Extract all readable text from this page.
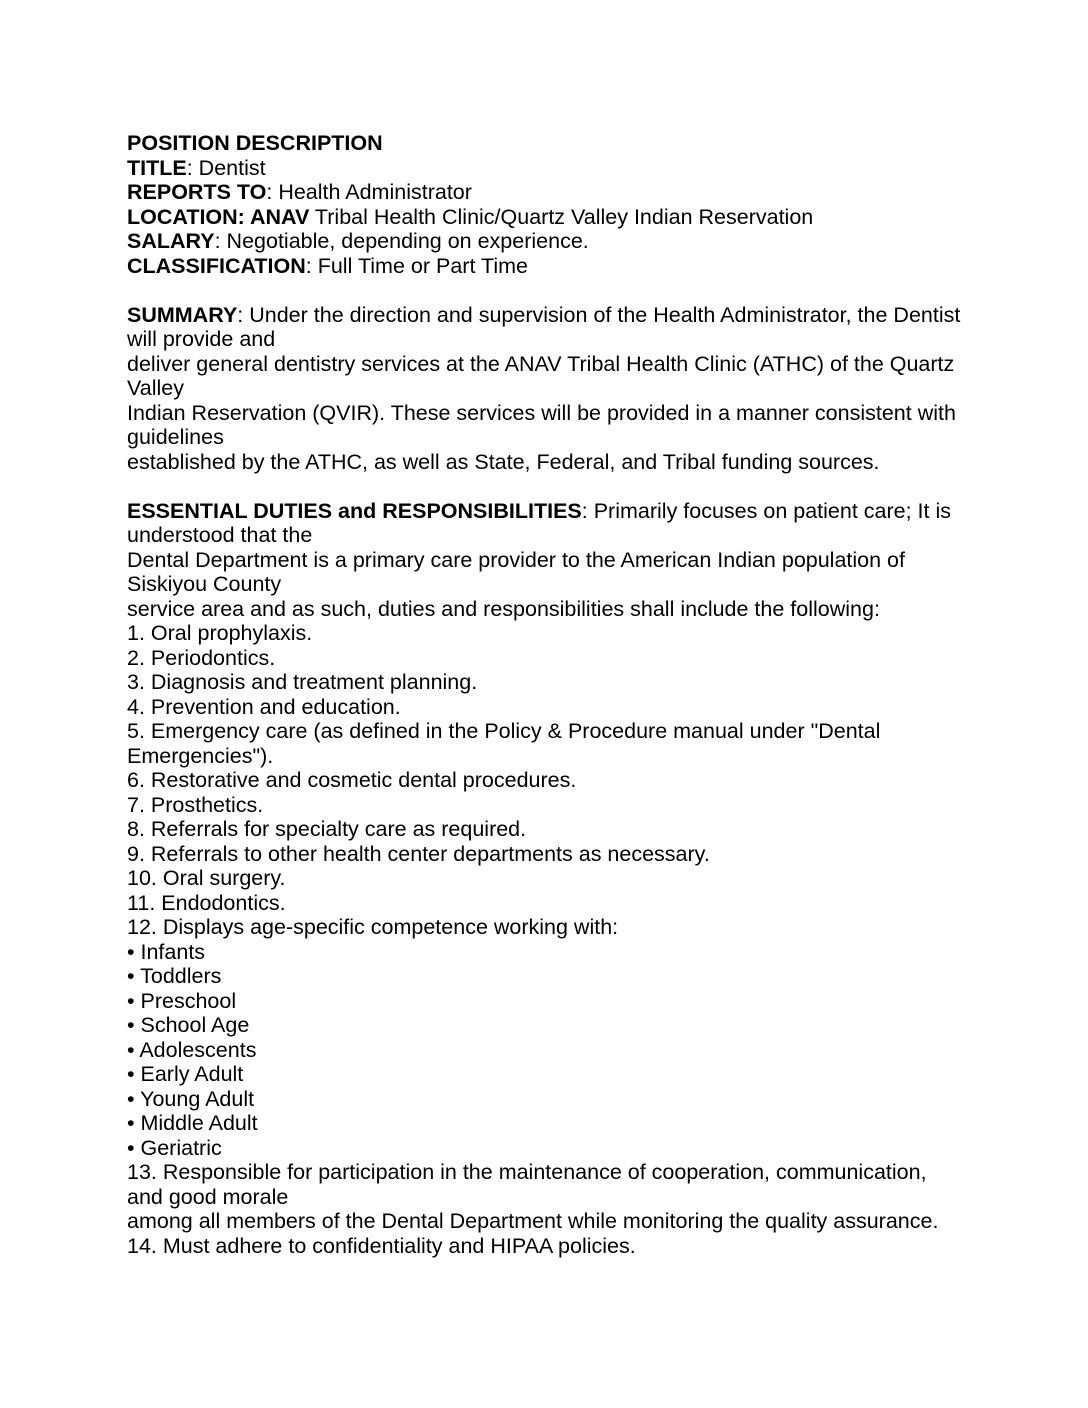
POSITION DESCRIPTION
TITLE: Dentist
REPORTS TO: Health Administrator
LOCATION: ANAV Tribal Health Clinic/Quartz Valley Indian Reservation
SALARY: Negotiable, depending on experience.
CLASSIFICATION: Full Time or Part Time

SUMMARY: Under the direction and supervision of the Health Administrator, the Dentist
will provide and
deliver general dentistry services at the ANAV Tribal Health Clinic (ATHC) of the Quartz
Valley
Indian Reservation (QVIR). These services will be provided in a manner consistent with
guidelines
established by the ATHC, as well as State, Federal, and Tribal funding sources.

ESSENTIAL DUTIES and RESPONSIBILITIES: Primarily focuses on patient care; It is
understood that the
Dental Department is a primary care provider to the American Indian population of
Siskiyou County
service area and as such, duties and responsibilities shall include the following:
1. Oral prophylaxis.
2. Periodontics.
3. Diagnosis and treatment planning.
4. Prevention and education.
5. Emergency care (as defined in the Policy & Procedure manual under "Dental
Emergencies").
6. Restorative and cosmetic dental procedures.
7. Prosthetics.
8. Referrals for specialty care as required.
9. Referrals to other health center departments as necessary.
10. Oral surgery.
11. Endodontics.
12. Displays age-specific competence working with:
• Infants
• Toddlers
• Preschool
• School Age
• Adolescents
• Early Adult
• Young Adult
• Middle Adult
• Geriatric
13. Responsible for participation in the maintenance of cooperation, communication,
and good morale
among all members of the Dental Department while monitoring the quality assurance.
14. Must adhere to confidentiality and HIPAA policies.
